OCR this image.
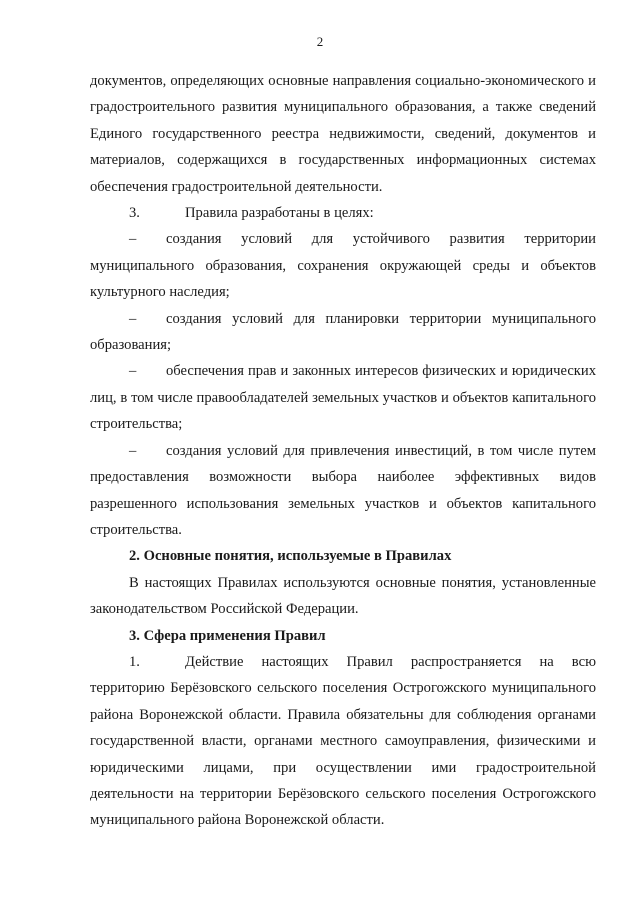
2

документов, определяющих основные направления социально-экономического и градостроительного развития муниципального образования, а также сведений Единого государственного реестра недвижимости, сведений, документов и материалов, содержащихся в государственных информационных системах обеспечения градостроительной деятельности.

3.	Правила разработаны в целях:

– создания условий для устойчивого развития территории муниципального образования, сохранения окружающей среды и объектов культурного наследия;

– создания условий для планировки территории муниципального образования;

– обеспечения прав и законных интересов физических и юридических лиц, в том числе правообладателей земельных участков и объектов капитального строительства;

– создания условий для привлечения инвестиций, в том числе путем предоставления возможности выбора наиболее эффективных видов разрешенного использования земельных участков и объектов капитального строительства.

2. Основные понятия, используемые в Правилах

В настоящих Правилах используются основные понятия, установленные законодательством Российской Федерации.

3. Сфера применения Правил

1.	Действие настоящих Правил распространяется на всю территорию Берёзовского сельского поселения Острогожского муниципального района Воронежской области. Правила обязательны для соблюдения органами государственной власти, органами местного самоуправления, физическими и юридическими лицами, при осуществлении ими градостроительной деятельности на территории Берёзовского сельского поселения Острогожского муниципального района Воронежской области.
